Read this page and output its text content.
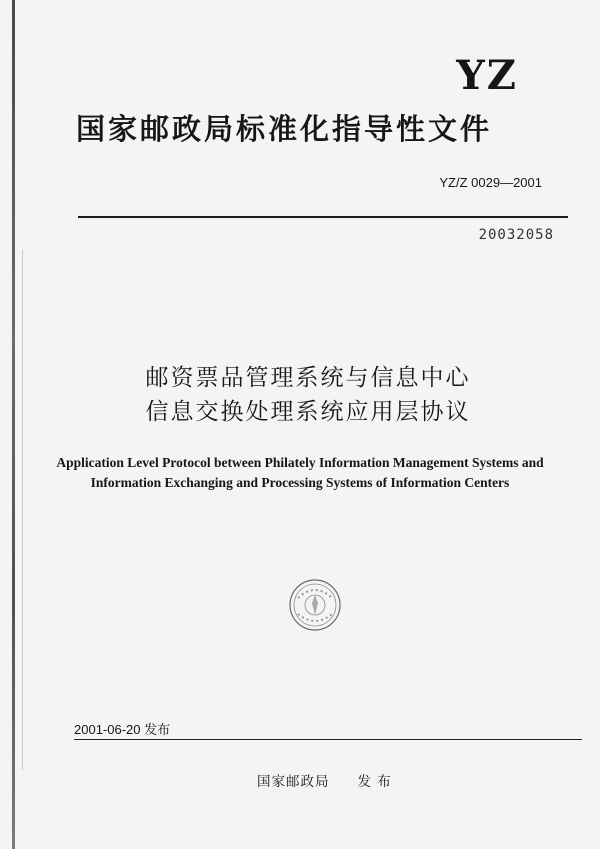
YZ
国家邮政局标准化指导性文件
YZ/Z 0029—2001
20032058
邮资票品管理系统与信息中心
信息交换处理系统应用层协议
Application Level Protocol between Philately Information Management Systems and
Information Exchanging and Processing Systems of Information Centers
2001-06-20 发布
国家邮政局 发 布
